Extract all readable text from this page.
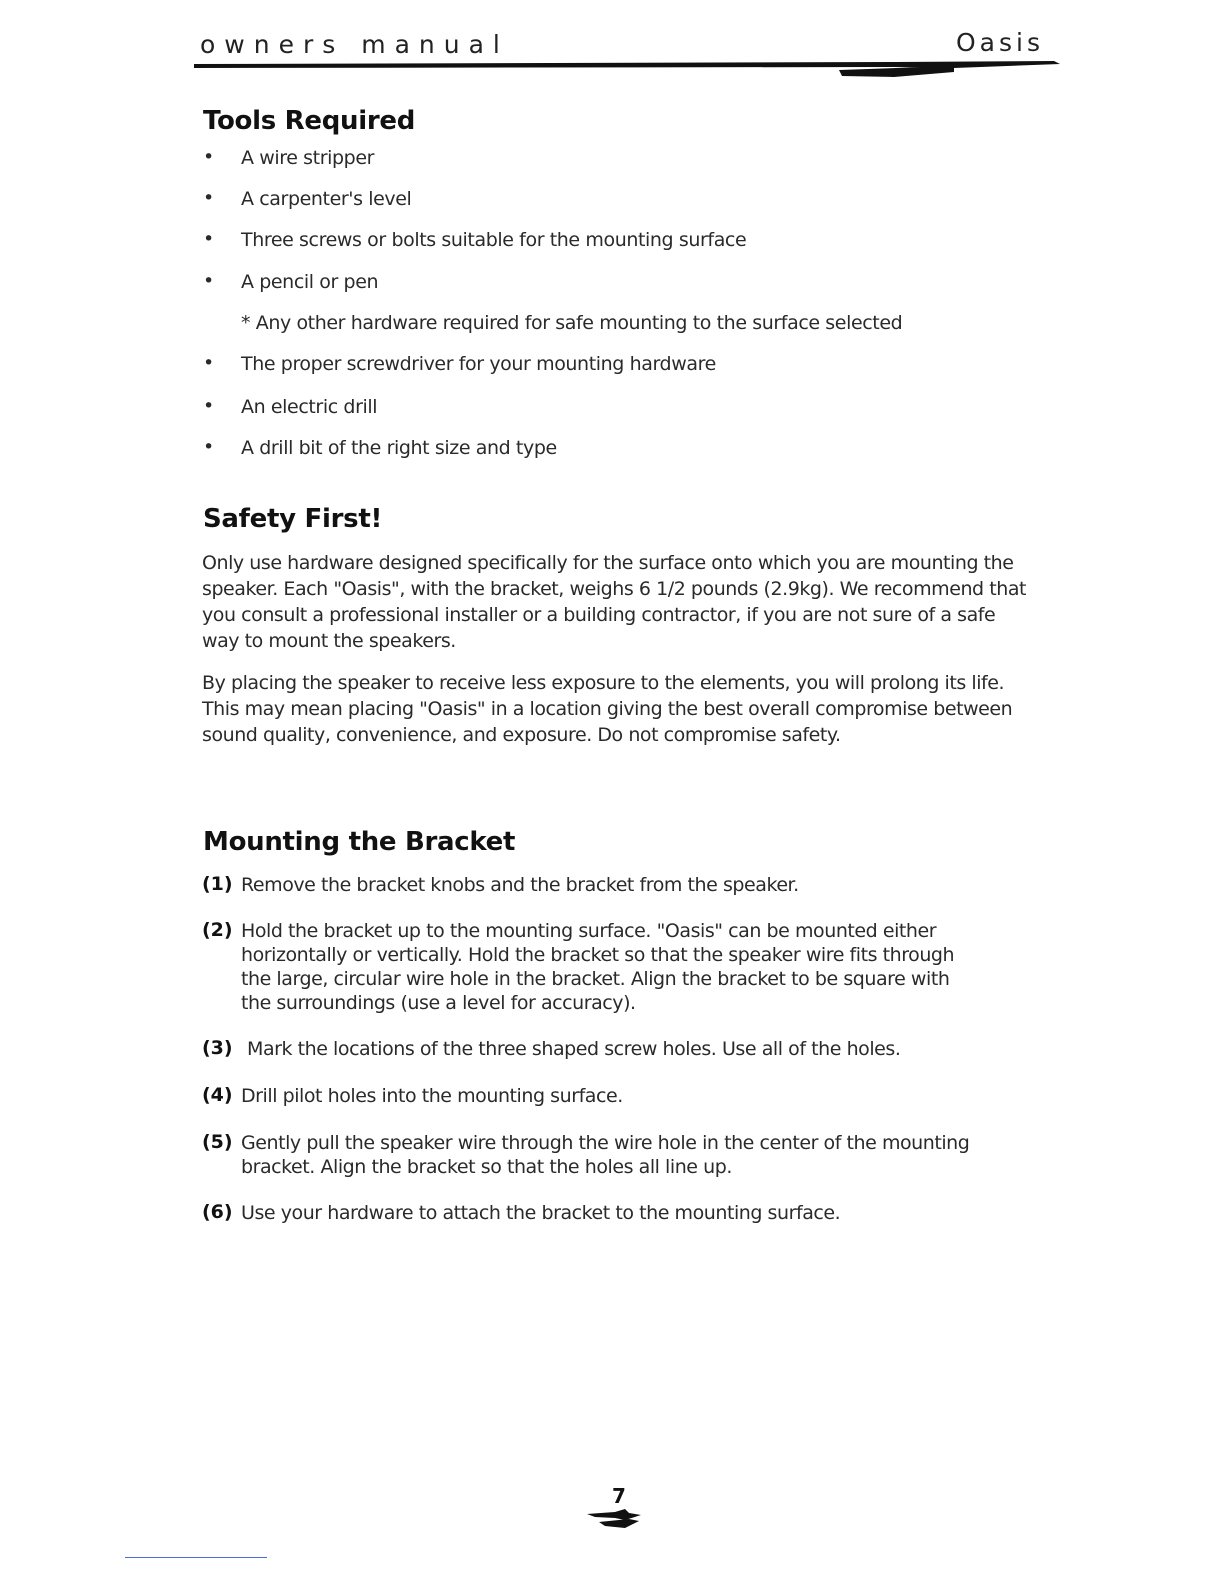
owners manual	Oasis
Tools Required
• A wire stripper
• A carpenter's level
• Three screws or bolts suitable for the mounting surface
• A pencil or pen
* Any other hardware required for safe mounting to the surface selected
• The proper screwdriver for your mounting hardware
• An electric drill
• A drill bit of the right size and type
Safety First!

Only use hardware designed specifically for the surface onto which you are mounting the speaker. Each "Oasis", with the bracket, weighs 6 1/2 pounds (2.9kg). We recommend that you consult a professional installer or a building contractor, if you are not sure of a safe way to mount the speakers.

By placing the speaker to receive less exposure to the elements, you will prolong its life. This may mean placing "Oasis" in a location giving the best overall compromise between sound quality, convenience, and exposure. Do not compromise safety.

Mounting the Bracket
(1) Remove the bracket knobs and the bracket from the speaker.
(2) Hold the bracket up to the mounting surface. "Oasis" can be mounted either horizontally or vertically. Hold the bracket so that the speaker wire fits through the large, circular wire hole in the bracket. Align the bracket to be square with the surroundings (use a level for accuracy).
(3) Mark the locations of the three shaped screw holes. Use all of the holes.
(4) Drill pilot holes into the mounting surface.
(5) Gently pull the speaker wire through the wire hole in the center of the mounting bracket. Align the bracket so that the holes all line up.
(6) Use your hardware to attach the bracket to the mounting surface.
7
